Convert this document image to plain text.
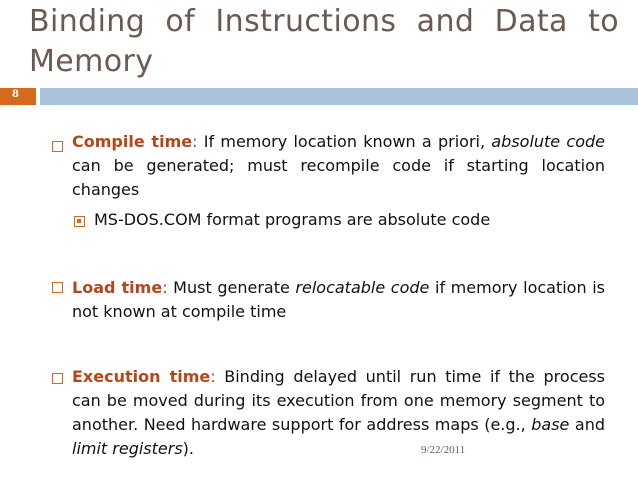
Binding of Instructions and Data to Memory
8
Compile time: If memory location known a priori, absolute code can be generated; must recompile code if starting location changes
MS-DOS.COM format programs are absolute code
Load time: Must generate relocatable code if memory location is not known at compile time
Execution time: Binding delayed until run time if the process can be moved during its execution from one memory segment to another. Need hardware support for address maps (e.g., base and limit registers).	9/22/2011
